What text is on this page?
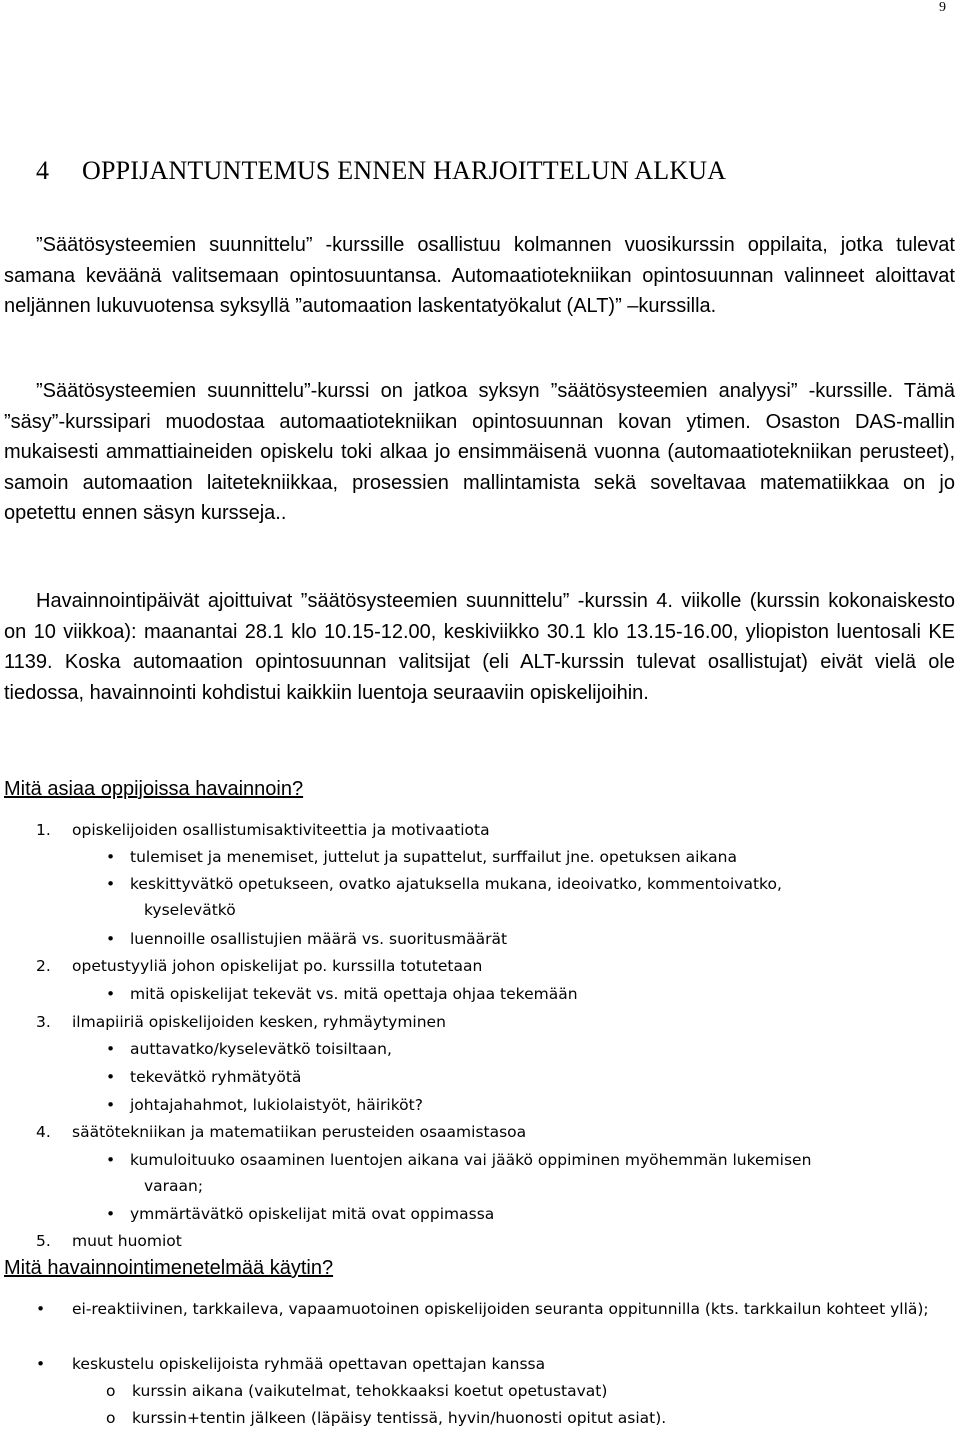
9
4 OPPIJANTUNTEMUS ENNEN HARJOITTELUN ALKUA

”Säätösysteemien suunnittelu” -kurssille osallistuu kolmannen vuosikurssin oppilaita, jotka tulevat samana keväänä valitsemaan opintosuuntansa. Automaatiotekniikan opintosuunnan valinneet aloittavat neljännen lukuvuotensa syksyllä ”automaation laskentatyökalut (ALT)” –kurssilla.

”Säätösysteemien suunnittelu”-kurssi on jatkoa syksyn ”säätösysteemien analyysi” -kurssille. Tämä ”säsy”-kurssipari muodostaa automaatiotekniikan opintosuunnan kovan ytimen. Osaston DAS-mallin mukaisesti ammattiaineiden opiskelu toki alkaa jo ensimmäisenä vuonna (automaatiotekniikan perusteet), samoin automaation laitetekniikkaa, prosessien mallintamista sekä soveltavaa matematiikkaa on jo opetettu ennen säsyn kursseja..

Havainnointipäivät ajoittuivat ”säätösysteemien suunnittelu” -kurssin 4. viikolle (kurssin kokonaiskesto on 10 viikkoa): maanantai 28.1 klo 10.15-12.00, keskiviikko 30.1 klo 13.15-16.00, yliopiston luentosali KE 1139. Koska automaation opintosuunnan valitsijat (eli ALT-kurssin tulevat osallistujat) eivät vielä ole tiedossa, havainnointi kohdistui kaikkiin luentoja seuraaviin opiskelijoihin.

Mitä asiaa oppijoissa havainnoin?
1. opiskelijoiden osallistumisaktiviteettia ja motivaatiota
• tulemiset ja menemiset, juttelut ja supattelut, surffailut jne. opetuksen aikana
• keskittyvätkö opetukseen, ovatko ajatuksella mukana, ideoivatko, kommentoivatko,
kyselevätkö
• luennoille osallistujien määrä vs. suoritusmäärät
2. opetustyyliä johon opiskelijat po. kurssilla totutetaan
• mitä opiskelijat tekevät vs. mitä opettaja ohjaa tekemään
3. ilmapiiriä opiskelijoiden kesken, ryhmäytyminen
• auttavatko/kyselevätkö toisiltaan,
• tekevätkö ryhmätyötä
• johtajahahmot, lukiolaistyöt, häiriköt?
4. säätötekniikan ja matematiikan perusteiden osaamistasoa
• kumuloituuko osaaminen luentojen aikana vai jääkö oppiminen myöhemmän lukemisen
varaan;
• ymmärtävätkö opiskelijat mitä ovat oppimassa
5. muut huomiot
Mitä havainnointimenetelmää käytin?
•	ei-reaktiivinen, tarkkaileva, vapaamuotoinen opiskelijoiden seuranta oppitunnilla (kts. tarkkailun kohteet yllä);
•	keskustelu opiskelijoista ryhmää opettavan opettajan kanssa
o kurssin aikana (vaikutelmat, tehokkaaksi koetut opetustavat)
o kurssin+tentin jälkeen (läpäisy tentissä, hyvin/huonosti opitut asiat).
